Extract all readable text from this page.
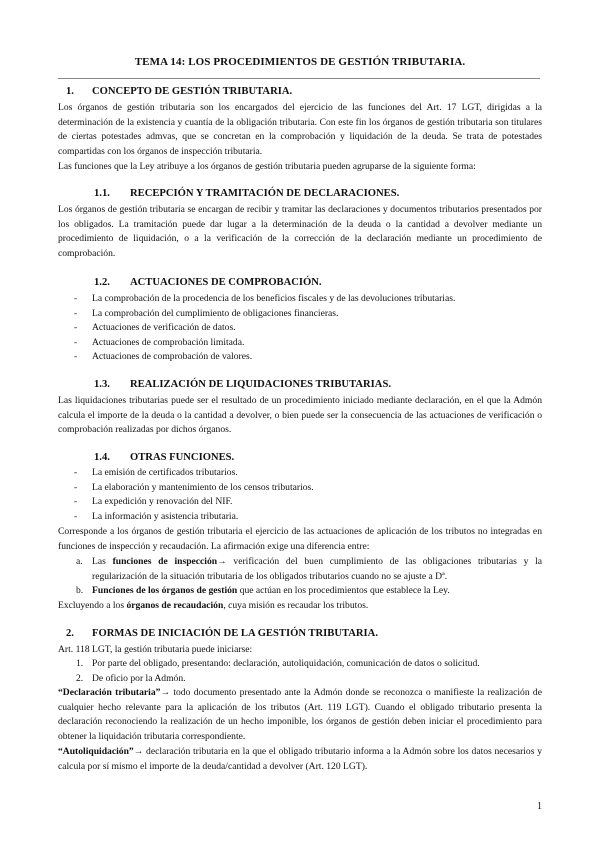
TEMA 14: LOS PROCEDIMIENTOS DE GESTIÓN TRIBUTARIA.
1. CONCEPTO DE GESTIÓN TRIBUTARIA.
Los órganos de gestión tributaria son los encargados del ejercicio de las funciones del Art. 17 LGT, dirigidas a la determinación de la existencia y cuantía de la obligación tributaria. Con este fin los órganos de gestión tributaria son titulares de ciertas potestades admvas, que se concretan en la comprobación y liquidación de la deuda. Se trata de potestades compartidas con los órganos de inspección tributaria.
Las funciones que la Ley atribuye a los órganos de gestión tributaria pueden agruparse de la siguiente forma:
1.1. RECEPCIÓN Y TRAMITACIÓN DE DECLARACIONES.
Los órganos de gestión tributaria se encargan de recibir y tramitar las declaraciones y documentos tributarios presentados por los obligados. La tramitación puede dar lugar a la determinación de la deuda o la cantidad a devolver mediante un procedimiento de liquidación, o a la verificación de la corrección de la declaración mediante un procedimiento de comprobación.
1.2. ACTUACIONES DE COMPROBACIÓN.
- La comprobación de la procedencia de los beneficios fiscales y de las devoluciones tributarias.
- La comprobación del cumplimiento de obligaciones financieras.
- Actuaciones de verificación de datos.
- Actuaciones de comprobación limitada.
- Actuaciones de comprobación de valores.
1.3. REALIZACIÓN DE LIQUIDACIONES TRIBUTARIAS.
Las liquidaciones tributarias puede ser el resultado de un procedimiento iniciado mediante declaración, en el que la Admón calcula el importe de la deuda o la cantidad a devolver, o bien puede ser la consecuencia de las actuaciones de verificación o comprobación realizadas por dichos órganos.
1.4. OTRAS FUNCIONES.
- La emisión de certificados tributarios.
- La elaboración y mantenimiento de los censos tributarios.
- La expedición y renovación del NIF.
- La información y asistencia tributaria.
Corresponde a los órganos de gestión tributaria el ejercicio de las actuaciones de aplicación de los tributos no integradas en funciones de inspección y recaudación. La afirmación exige una diferencia entre:
a. Las funciones de inspección→ verificación del buen cumplimiento de las obligaciones tributarias y la regularización de la situación tributaria de los obligados tributarios cuando no se ajuste a Dª.
b. Funciones de los órganos de gestión que actúan en los procedimientos que establece la Ley.
Excluyendo a los órganos de recaudación, cuya misión es recaudar los tributos.
2. FORMAS DE INICIACIÓN DE LA GESTIÓN TRIBUTARIA.
Art. 118 LGT, la gestión tributaria puede iniciarse:
1. Por parte del obligado, presentando: declaración, autoliquidación, comunicación de datos o solicitud.
2. De oficio por la Admón.
“Declaración tributaria”→ todo documento presentado ante la Admón donde se reconozca o manifieste la realización de cualquier hecho relevante para la aplicación de los tributos (Art. 119 LGT). Cuando el obligado tributario presenta la declaración reconociendo la realización de un hecho imponible, los órganos de gestión deben iniciar el procedimiento para obtener la liquidación tributaria correspondiente.
“Autoliquidación”→ declaración tributaria en la que el obligado tributario informa a la Admón sobre los datos necesarios y calcula por sí mismo el importe de la deuda/cantidad a devolver (Art. 120 LGT).
1
